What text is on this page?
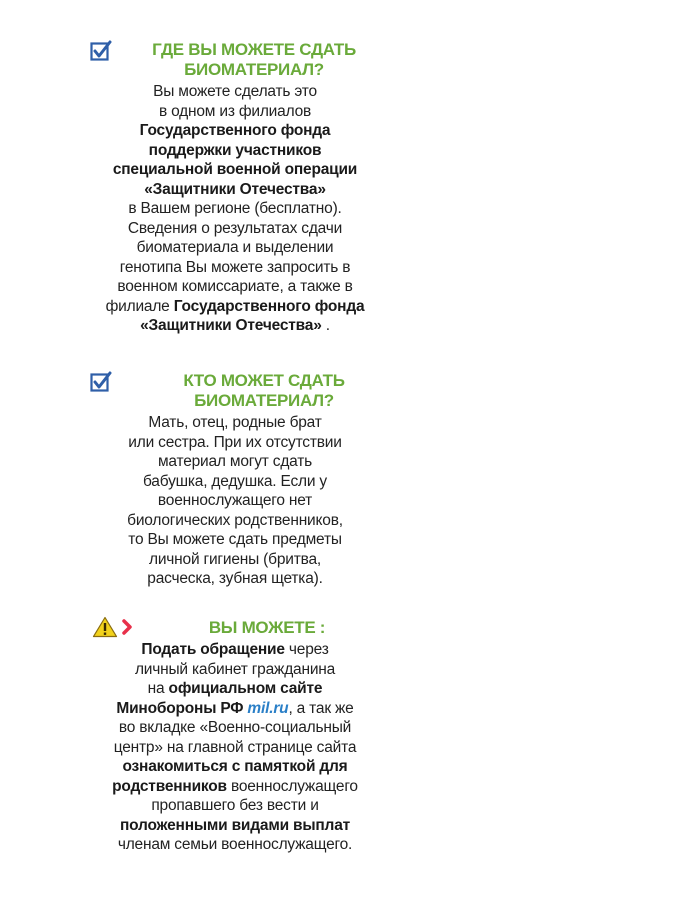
ГДЕ ВЫ МОЖЕТЕ СДАТЬ
БИОМАТЕРИАЛ?
Вы можете сделать это
в одном из филиалов
Государственного фонда
поддержки участников
специальной военной операции
«Защитники Отечества»
в Вашем регионе (бесплатно).
Сведения о результатах сдачи
биоматериала и выделении
генотипа Вы можете запросить в
военном комиссариате, а также в
филиале Государственного фонда
«Защитники Отечества» .
КТО МОЖЕТ СДАТЬ
БИОМАТЕРИАЛ?
Мать, отец, родные брат
или сестра. При их отсутствии
материал могут сдать
бабушка, дедушка. Если у
военнослужащего нет
биологических родственников,
то Вы можете сдать предметы
личной гигиены (бритва,
расческа, зубная щетка).
ВЫ МОЖЕТЕ :
Подать обращение через
личный кабинет гражданина
на официальном сайте
Минобороны РФ mil.ru, а так же
во вкладке «Военно-социальный
центр» на главной странице сайта
ознакомиться с памяткой для
родственников военнослужащего
пропавшего без вести и
положенными видами выплат
членам семьи военнослужащего.
